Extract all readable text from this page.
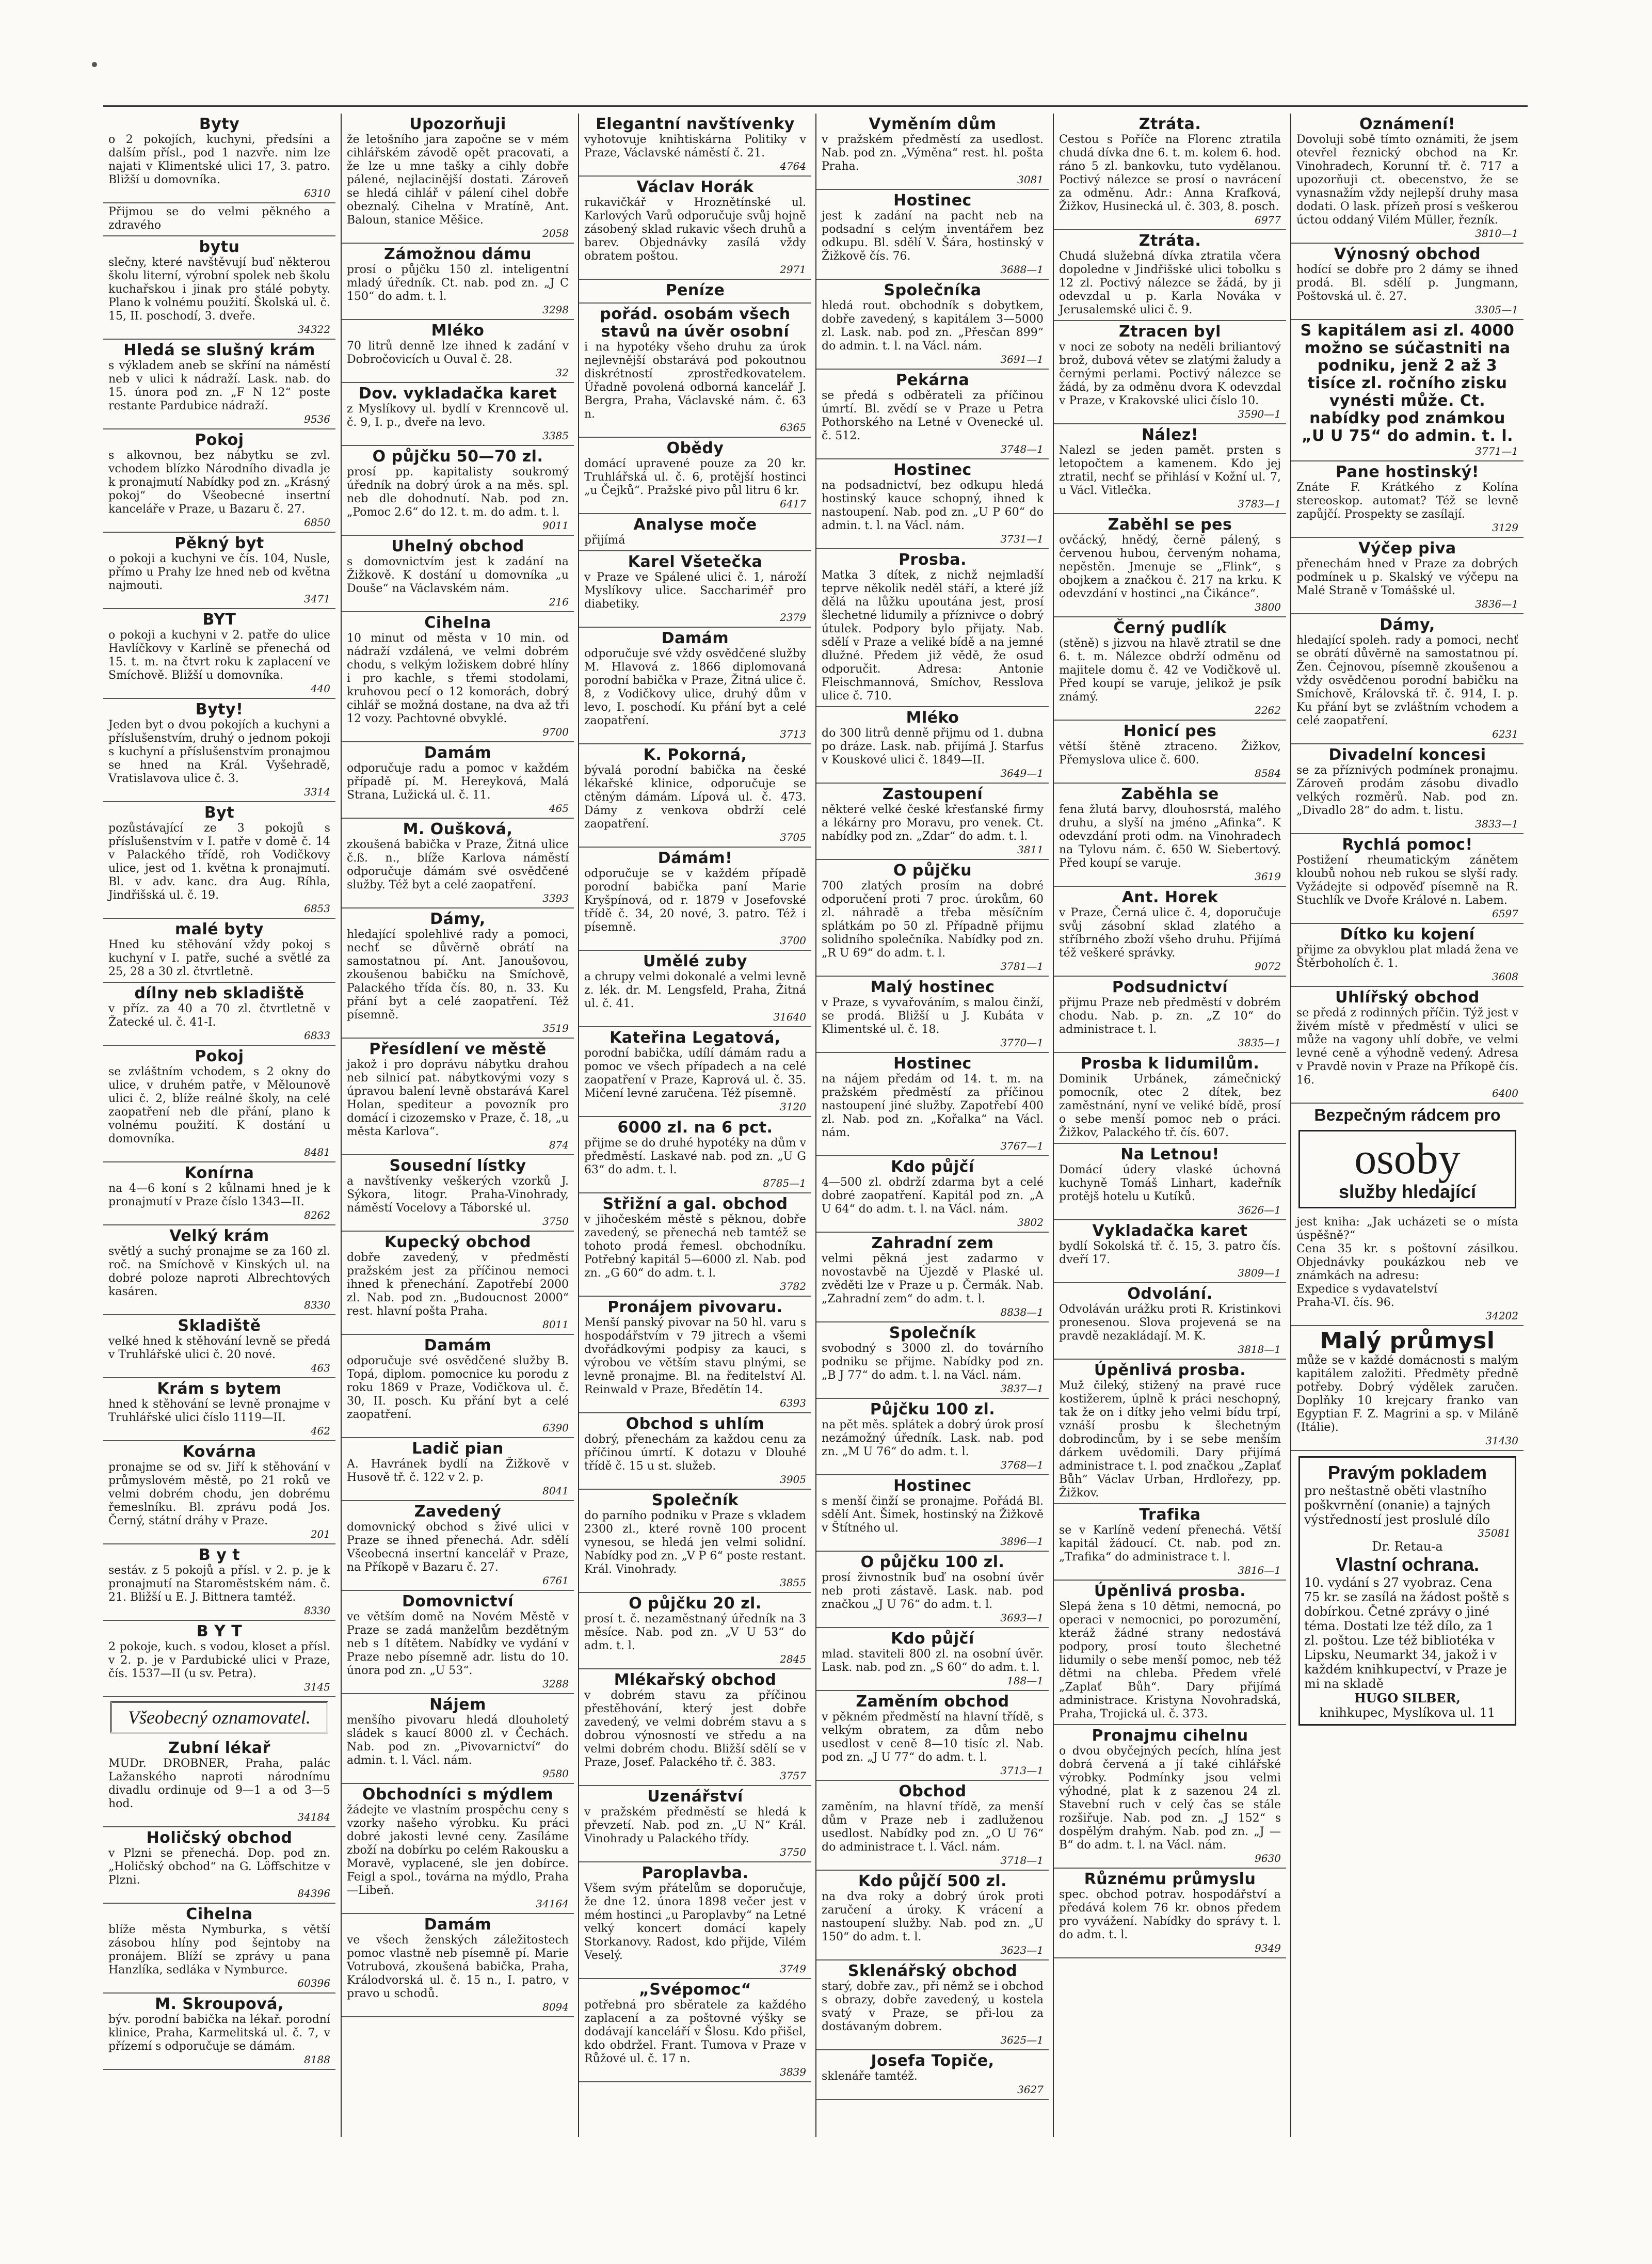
Byty

o 2 pokojích, kuchyni, předsíni a dalším přísl., pod 1 nazvře. nim lze najati v Klimentské ulici 17, 3. patro. Bližší u domovníka.

6310

Přijmou se do velmi pěkného a zdravého

bytu

slečny, které navštěvují buď některou školu literní, výrobní spolek neb školu kuchařskou i jinak pro stálé pobyty. Plano k volnému použití. Školská ul. č. 15, II. poschodí, 3. dveře.

34322
Hledá se slušný krám

s výkladem aneb se skříní na náměstí neb v ulici k nádraží. Lask. nab. do 15. února pod zn. „F N 12“ poste restante Pardubice nádraží.

9536
Pokoj

s alkovnou, bez nábytku se zvl. vchodem blízko Národního divadla je k pronajmutí Nabídky pod zn. „Krásný pokoj“ do Všeobecné insertní kanceláře v Praze, u Bazaru č. 27.

6850
Pěkný byt

o pokoji a kuchyni ve čís. 104, Nusle, přímo u Prahy lze hned neb od května najmouti.

3471
BYT

o pokoji a kuchyni v 2. patře do ulice Havlíčkovy v Karlíně se přenechá od 15. t. m. na čtvrt roku k zaplacení ve Smíchově. Bližší u domovníka.

440
Byty!

Jeden byt o dvou pokojích a kuchyni a příslušenstvím, druhý o jednom pokoji s kuchyní a příslušenstvím pronajmou se hned na Král. Vyšehradě, Vratislavova ulice č. 3.

3314
Byt

pozůstávající ze 3 pokojů s příslušenstvím v I. patře v domě č. 14 v Palackého třídě, roh Vodičkovy ulice, jest od 1. května k pronajmutí. Bl. v adv. kanc. dra Aug. Ríhla, Jindřišská ul. č. 19.

6853
malé byty

Hned ku stěhování vždy pokoj s kuchyní v I. patře, suché a světlé za 25, 28 a 30 zl. čtvrtletně.

dílny neb skladiště

v příz. za 40 a 70 zl. čtvrtletně v Žatecké ul. č. 41-I.

6833
Pokoj

se zvláštním vchodem, s 2 okny do ulice, v druhém patře, v Mělounově ulici č. 2, blíže reálné školy, na celé zaopatření neb dle přání, plano k volnému použití. K dostání u domovníka.

8481
Konírna

na 4—6 koní s 2 kůlnami hned je k pronajmutí v Praze číslo 1343—II.

8262
Velký krám

světlý a suchý pronajme se za 160 zl. roč. na Smíchově v Kinských ul. na dobré poloze naproti Albrechtových kasáren.

8330
Skladiště

velké hned k stěhování levně se předá v Truhlářské ulici č. 20 nové.

463
Krám s bytem

hned k stěhování se levně pronajme v Truhlářské ulici číslo 1119—II.

462
Kovárna

pronajme se od sv. Jiří k stěhování v průmyslovém městě, po 21 roků ve velmi dobrém chodu, jen dobrému řemeslníku. Bl. zprávu podá Jos. Černý, státní dráhy v Praze.

201
B y t

sestáv. z 5 pokojů a přísl. v 2. p. je k pronajmutí na Staroměstském nám. č. 21. Bližší u E. J. Bittnera tamtéž.

8330
B Y T

2 pokoje, kuch. s vodou, kloset a přísl. v 2. p. je v Pardubické ulici v Praze, čís. 1537—II (u sv. Petra).

3145
Všeobecný oznamovatel.
Zubní lékař

MUDr. DROBNER, Praha, palác Lažanského naproti národnímu divadlu ordinuje od 9—1 a od 3—5 hod.

34184
Holičský obchod

v Plzni se přenechá. Dop. pod zn. „Holičský obchod“ na G. Löffschitze v Plzni.

84396
Cihelna

blíže města Nymburka, s větší zásobou hlíny pod šejntoby na pronájem. Blíží se zprávy u pana Hanzlíka, sedláka v Nymburce.

60396
M. Skroupová,

býv. porodní babička na lékař. porodní klinice, Praha, Karmelitská ul. č. 7, v přízemí s odporučuje se dámám.

8188
Upozorňuji

že letošního jara započne se v mém cihlářském závodě opět pracovati, a že lze u mne tašky a cihly dobře pálené, nejlacinější dostati. Zároveň se hledá cihlář v pálení cihel dobře obeznalý. Cihelna v Mratíně, Ant. Baloun, stanice Měšice.

2058
Zámožnou dámu

prosí o půjčku 150 zl. inteligentní mladý úředník. Ct. nab. pod zn. „J C 150“ do adm. t. l.

3298
Mléko

70 litrů denně lze ihned k zadání v Dobročovicích u Ouval č. 28.

32
Dov. vykladačka karet

z Myslíkovy ul. bydlí v Krenncově ul. č. 9, I. p., dveře na levo.

3385
O půjčku 50—70 zl.

prosí pp. kapitalisty soukromý úředník na dobrý úrok a na měs. spl. neb dle dohodnutí. Nab. pod zn. „Pomoc 2.6“ do 12. t. m. do adm. t. l.

9011
Uhelný obchod

s domovnictvím jest k zadání na Žižkově. K dostání u domovníka „u Douše“ na Václavském nám.

216
Cihelna

10 minut od města v 10 min. od nádraží vzdálená, ve velmi dobrém chodu, s velkým ložiskem dobré hlíny i pro kachle, s třemi stodolami, kruhovou pecí o 12 komorách, dobrý cihlář se možná dostane, na dva až tři 12 vozy. Pachtovné obvyklé.

9700
Damám

odporučuje radu a pomoc v každém případě pí. M. Hereyková, Malá Strana, Lužická ul. č. 11.

465
M. Oušková,

zkoušená babička v Praze, Žitná ulice č.ß. n., blíže Karlova náměstí odporučuje dámám své osvědčené služby. Též byt a celé zaopatření.

3393
Dámy,

hledající spolehlivé rady a pomoci, nechť se důvěrně obrátí na samostatnou pí. Ant. Janoušovou, zkoušenou babičku na Smíchově, Palackého třída čís. 80, n. 33. Ku přání byt a celé zaopatření. Též písemně.

3519
Přesídlení ve městě

jakož i pro doprávu nábytku drahou neb silnicí pat. nábytkovými vozy s úpravou balení levně obstarává Karel Holan, spediteur a povozník pro domácí i cizozemsko v Praze, č. 18, „u města Karlova“.

874
Sousední lístky

a navštívenky veškerých vzorků J. Sýkora, litogr. Praha-Vinohrady, náměstí Vocelovy a Táborské ul.

3750
Kupecký obchod

dobře zavedený, v předměstí pražském jest za příčinou nemoci ihned k přenechání. Zapotřebí 2000 zl. Nab. pod zn. „Budoucnost 2000“ rest. hlavní pošta Praha.

8011
Damám

odporučuje své osvědčené služby B. Topá, diplom. pomocnice ku porodu z roku 1869 v Praze, Vodičkova ul. č. 30, II. posch. Ku přání byt a celé zaopatření.

6390
Ladič pian

A. Havránek bydlí na Žižkově v Husově tř. č. 122 v 2. p.

8041
Zavedený

domovnický obchod s živé ulici v Praze se ihned přenechá. Adr. sdělí Všeobecná insertní kancelář v Praze, na Příkopě v Bazaru č. 27.

6761
Domovnictví

ve větším domě na Novém Městě v Praze se zadá manželům bezdětným neb s 1 dítětem. Nabídky ve vydání v Praze nebo písemně adr. listu do 10. února pod zn. „U 53“.

3288
Nájem

menšího pivovaru hledá dlouholetý sládek s kaucí 8000 zl. v Čechách. Nab. pod zn. „Pivovarnictví“ do admin. t. l. Václ. nám.

9580
Obchodníci s mýdlem

žádejte ve vlastním prospěchu ceny s vzorky našeho výrobku. Ku práci dobré jakosti levné ceny. Zasíláme zboží na dobírku po celém Rakousku a Moravě, vyplacené, sle jen dobírce. Feigl a spol., továrna na mýdlo, Praha—Libeň.

34164
Damám

ve všech ženských záležitostech pomoc vlastně neb písemně pí. Marie Votrubová, zkoušená babička, Praha, Králodvorská ul. č. 15 n., I. patro, v pravo u schodů.

8094
Elegantní navštívenky

vyhotovuje knihtiskárna Politiky v Praze, Václavské náměstí č. 21.

4764
Václav Horák

rukavičkář v Hroznětínské ul. Karlových Varů odporučuje svůj hojně zásobený sklad rukavic všech druhů a barev. Objednávky zasílá vždy obratem poštou.

2971
Peníze

pořád. osobám všech stavů na úvěr osobní

i na hypotéky všeho druhu za úrok nejlevnější obstarává pod pokoutnou diskrétností zprostředkovatelem. Úřadně povolená odborná kancelář J. Bergra, Praha, Václavské nám. č. 63 n.

6365
Obědy

domácí upravené pouze za 20 kr. Truhlářská ul. č. 6, protější hostinci „u Čejků“. Pražské pivo půl litru 6 kr.

6417
Analyse moče

přijímá

Karel Všetečka

v Praze ve Spálené ulici č. 1, nároží Myslíkovy ulice. Sacchariméř pro diabetiky.

2379
Damám

odporučuje své vždy osvědčené služby M. Hlavová z. 1866 diplomovaná porodní babička v Praze, Žitná ulice č. 8, z Vodičkovy ulice, druhý dům v levo, I. poschodí. Ku přání byt a celé zaopatření.

3713
K. Pokorná,

bývalá porodní babička na české lékařské klinice, odporučuje se ctěným dámám. Lípová ul. č. 473. Dámy z venkova obdrží celé zaopatření.

3705
Dámám!

odporučuje se v každém případě porodní babička paní Marie Kryšpínová, od r. 1879 v Josefovské třídě č. 34, 20 nové, 3. patro. Též i písemně.

3700
Umělé zuby

a chrupy velmi dokonalé a velmi levně z. lék. dr. M. Lengsfeld, Praha, Žitná ul. č. 41.

31640
Kateřina Legatová,

porodní babička, udílí dámám radu a pomoc ve všech případech a na celé zaopatření v Praze, Kaprová ul. č. 35. Mičení levné zaručena. Též písemně.

3120
6000 zl. na 6 pct.

přijme se do druhé hypotéky na dům v předměstí. Laskavé nab. pod zn. „U G 63“ do adm. t. l.

8785—1
Střižní a gal. obchod

v jihočeském městě s pěknou, dobře zavedený, se přenechá neb tamtéž se tohoto prodá řemesl. obchodníku. Potřebný kapitál 5—6000 zl. Nab. pod zn. „G 60“ do adm. t. l.

3782
Pronájem pivovaru.

Menší panský pivovar na 50 hl. varu s hospodářstvím v 79 jitrech a všemi dvořádkovými podpisy za kauci, s výrobou ve větším stavu plnými, se levně pronajme. Bl. na ředitelství Al. Reinwald v Praze, Bředětín 14.

6393
Obchod s uhlím

dobrý, přenechám za každou cenu za příčinou úmrtí. K dotazu v Dlouhé třídě č. 15 u st. služeb.

3905
Společník

do parního podniku v Praze s vkladem 2300 zl., které rovně 100 procent vynesou, se hledá jen velmi solidní. Nabídky pod zn. „V P 6“ poste restant. Král. Vinohrady.

3855
O půjčku 20 zl.

prosí t. č. nezaměstnaný úředník na 3 měsíce. Nab. pod zn. „V U 53“ do adm. t. l.

2845
Mlékařský obchod

v dobrém stavu za příčinou přestěhování, který jest dobře zavedený, ve velmi dobrém stavu a s dobrou výnosností ve středu a na velmi dobrém chodu. Bližší sdělí se v Praze, Josef. Palackého tř. č. 383.

3757
Uzenářství

v pražském předměstí se hledá k převzetí. Nab. pod zn. „U N“ Král. Vinohrady u Palackého třídy.

3750
Paroplavba.

Všem svým přátelům se doporučuje, že dne 12. února 1898 večer jest v mém hostinci „u Paroplavby“ na Letné velký koncert domácí kapely Storkanovy. Radost, kdo přijde, Vilém Veselý.

3749
„Svépomoc“

potřebná pro sběratele za každého zaplacení a za poštovné výšky se dodávají kanceláří v Šlosu. Kdo přišel, kdo obdržel. Frant. Tumova v Praze v Růžové ul. č. 17 n.

3839
Vyměním dům

v pražském předměstí za usedlost. Nab. pod zn. „Výměna“ rest. hl. pošta Praha.

3081
Hostinec

jest k zadání na pacht neb na podsadní s celým inventářem bez odkupu. Bl. sdělí V. Šára, hostinský v Žižkově čís. 76.

3688—1
Společníka

hledá rout. obchodník s dobytkem, dobře zavedený, s kapitálem 3—5000 zl. Lask. nab. pod zn. „Přesčan 899“ do admin. t. l. na Václ. nám.

3691—1
Pekárna

se předá s odběrateli za příčinou úmrtí. Bl. zvědí se v Praze u Petra Pothorského na Letné v Ovenecké ul. č. 512.

3748—1
Hostinec

na podsadnictví, bez odkupu hledá hostinský kauce schopný, ihned k nastoupení. Nab. pod zn. „U P 60“ do admin. t. l. na Václ. nám.

3731—1
Prosba.

Matka 3 dítek, z nichž nejmladší teprve několik neděl stáří, a které jíž dělá na lůžku upoutána jest, prosí šlechetné lidumily a příznivce o dobrý útulek. Podpory bylo přijaty. Nab. sdělí v Praze a veliké bídě a na jemné dlužné. Předem již vědě, že osud odporučit. Adresa: Antonie Fleischmannová, Smíchov, Resslova ulice č. 710.

Mléko

do 300 litrů denně přijmu od 1. dubna po dráze. Lask. nab. přijímá J. Starfus v Kouskové ulici č. 1849—II.

3649—1
Zastoupení

některé velké české křesťanské firmy a lékárny pro Moravu, pro venek. Ct. nabídky pod zn. „Zdar“ do adm. t. l.

3811
O půjčku

700 zlatých prosím na dobré odporučení proti 7 proc. úrokům, 60 zl. náhradě a třeba měsíčním splátkám po 50 zl. Případně přijmu solidního společníka. Nabídky pod zn. „R U 69“ do adm. t. l.

3781—1
Malý hostinec

v Praze, s vyvařováním, s malou činží, se prodá. Bližší u J. Kubáta v Klimentské ul. č. 18.

3770—1
Hostinec

na nájem předám od 14. t. m. na pražském předměstí za příčinou nastoupení jiné služby. Zapotřebí 400 zl. Nab. pod zn. „Kořalka“ na Václ. nám.

3767—1
Kdo půjčí

4—500 zl. obdrží zdarma byt a celé dobré zaopatření. Kapitál pod zn. „A U 64“ do adm. t. l. na Václ. nám.

3802
Zahradní zem

velmi pěkná jest zadarmo v novostavbě na Újezdě v Plaské ul. zvěděti lze v Praze u p. Čermák. Nab. „Zahradní zem“ do adm. t. l.

8838—1
Společník

svobodný s 3000 zl. do továrního podniku se přijme. Nabídky pod zn. „B J 77“ do adm. t. l. na Václ. nám.

3837—1
Půjčku 100 zl.

na pět měs. splátek a dobrý úrok prosí nezámožný úředník. Lask. nab. pod zn. „M U 76“ do adm. t. l.

3768—1
Hostinec

s menší činží se pronajme. Pořádá Bl. sdělí Ant. Šimek, hostinský na Žižkově v Štítného ul.

3896—1
O půjčku 100 zl.

prosí živnostník buď na osobní úvěr neb proti zástavě. Lask. nab. pod značkou „J U 76“ do adm. t. l.

3693—1
Kdo půjčí

mlad. staviteli 800 zl. na osobní úvěr. Lask. nab. pod zn. „S 60“ do adm. t. l.

188—1
Zaměním obchod

v pěkném předměstí na hlavní třídě, s velkým obratem, za dům nebo usedlost v ceně 8—10 tisíc zl. Nab. pod zn. „J U 77“ do adm. t. l.

3713—1
Obchod

zaměním, na hlavní třídě, za menší dům v Praze neb i zadluženou usedlost. Nabídky pod zn. „O U 76“ do administrace t. l. Václ. nám.

3718—1
Kdo půjčí 500 zl.

na dva roky a dobrý úrok proti zaručení a úroky. K vrácení a nastoupení služby. Nab. pod zn. „U 150“ do adm. t. l.

3623—1
Sklenářský obchod

starý, dobře zav., při němž se i obchod s obrazy, dobře zavedený, u kostela svatý v Praze, se při-lou za dostávaným dobrem.

3625—1
Josefa Topiče,

sklenáře tamtéž.

3627
Ztráta.

Cestou s Poříče na Florenc ztratila chudá dívka dne 6. t. m. kolem 6. hod. ráno 5 zl. bankovku, tuto vydělanou. Poctivý nálezce se prosí o navrácení za odměnu. Adr.: Anna Krafková, Žižkov, Husinecká ul. č. 303, 8. posch.

6977
Ztráta.

Chudá služebná dívka ztratila včera dopoledne v Jindřišské ulici tobolku s 12 zl. Poctivý nálezce se žádá, by ji odevzdal u p. Karla Nováka v Jerusalemské ulici č. 9.

Ztracen byl

v noci ze soboty na neděli briliantový brož, dubová větev se zlatými žaludy a černými perlami. Poctivý nálezce se žádá, by za odměnu dvora K odevzdal v Praze, v Krakovské ulici číslo 10.

3590—1
Nález!

Nalezl se jeden pamět. prsten s letopočtem a kamenem. Kdo jej ztratil, nechť se přihlásí v Kožní ul. 7, u Václ. Vitlečka.

3783—1
Zaběhl se pes

ovčácký, hnědý, černě pálený, s červenou hubou, červeným nohama, nepěstěn. Jmenuje se „Flink“, s obojkem a značkou č. 217 na krku. K odevzdání v hostinci „na Čikánce“.

3800
Černý pudlík

(stěně) s jizvou na hlavě ztratil se dne 6. t. m. Nálezce obdrží odměnu od majitele domu č. 42 ve Vodičkově ul. Před koupí se varuje, jelikož je psík známý.

2262
Honicí pes

větší štěně ztraceno. Žižkov, Přemyslova ulice č. 600.

8584
Zaběhla se

fena žlutá barvy, dlouhosrstá, malého druhu, a slyší na jméno „Afinka“. K odevzdání proti odm. na Vinohradech na Tylovu nám. č. 650 W. Siebertový. Před koupí se varuje.

3619
Ant. Horek

v Praze, Černá ulice č. 4, doporučuje svůj zásobní sklad zlatého a stříbrného zboží všeho druhu. Přijímá též veškeré správky.

9072
Podsudnictví

přijmu Praze neb předměstí v dobrém chodu. Nab. p. zn. „Z 10“ do administrace t. l.

3835—1
Prosba k lidumilům.

Dominik Urbánek, zámečnický pomocník, otec 2 dítek, bez zaměstnání, nyní ve veliké bídě, prosí o sebe menší pomoc neb o práci. Žižkov, Palackého tř. čís. 607.

Na Letnou!

Domácí údery vlaské úchovná kuchyně Tomáš Linhart, kadeřník protějš hotelu u Kutíků.

3626—1
Vykladačka karet

bydlí Sokolská tř. č. 15, 3. patro čís. dveří 17.

3809—1
Odvolání.

Odvoláván urážku proti R. Kristinkovi pronesenou. Slova projevená se na pravdě nezakládají. M. K.

3818—1
Úpěnlivá prosba.

Muž čileký, stižený na pravé ruce kostižerem, úplně k práci neschopný, tak že on i dítky jeho velmi bídu trpí, vznáší prosbu k šlechetným dobrodincům, by i se sebe menším dárkem uvědomili. Dary přijímá administrace t. l. pod značkou „Zaplať Bůh“ Václav Urban, Hrdlořezy, pp. Žižkov.

Trafika

se v Karlíně vedení přenechá. Větší kapitál žádoucí. Ct. nab. pod zn. „Trafika“ do administrace t. l.

3816—1
Úpěnlivá prosba.

Slepá žena s 10 dětmi, nemocná, po operaci v nemocnici, po porozumění, kteráž žádné strany nedostává podpory, prosí touto šlechetné lidumily o sebe menší pomoc, neb též dětmi na chleba. Předem vřelé „Zaplať Bůh“. Dary přijímá administrace. Kristyna Novohradská, Praha, Trojická ul. č. 373.

Pronajmu cihelnu

o dvou obyčejných pecích, hlína jest dobrá červená a jí také cihlářské výrobky. Podmínky jsou velmi výhodné, plat k z sazenou 24 zl. Stavební ruch v celý čas se stále rozšiřuje. Nab. pod zn. „J 152“ s dospělým drahým. Nab. pod zn. „J — B“ do adm. t. l. na Václ. nám.

9630
Různému průmyslu

spec. obchod potrav. hospodářství a předává kolem 76 kr. obnos předem pro vyvážení. Nabídky do správy t. l. do adm. t. l.

9349
Oznámení!

Dovoluji sobě tímto oznámiti, že jsem otevřel řeznický obchod na Kr. Vinohradech, Korunní tř. č. 717 a upozorňuji ct. obecenstvo, že se vynasnažím vždy nejlepší druhy masa dodati. O lask. přízeň prosí s veškerou úctou oddaný Vilém Müller, řezník.

3810—1
Výnosný obchod

hodící se dobře pro 2 dámy se ihned prodá. Bl. sdělí p. Jungmann, Poštovská ul. č. 27.

3305—1
S kapitálem asi zl. 4000 možno se súčastniti na podniku, jenž 2 až 3 tisíce zl. ročního zisku vynésti může. Ct. nabídky pod známkou „U U 75“ do admin. t. l.

3771—1
Pane hostinský!

Znáte F. Krátkého z Kolína stereoskop. automat? Též se levně zapůjčí. Prospekty se zasílají.

3129
Výčep piva

přenechám hned v Praze za dobrých podmínek u p. Skalský ve výčepu na Malé Straně v Tomášské ul.

3836—1
Dámy,

hledající spoleh. rady a pomoci, nechť se obrátí důvěrně na samostatnou pí. Žen. Čejnovou, písemně zkoušenou a vždy osvědčenou porodní babičku na Smíchově, Královská tř. č. 914, I. p. Ku přání byt se zvláštním vchodem a celé zaopatření.

6231
Divadelní koncesi

se za příznivých podmínek pronajmu. Zároveň prodám zásobu divadlo velkých rozměrů. Nab. pod zn. „Divadlo 28“ do adm. t. listu.

3833—1
Rychlá pomoc!

Postižení rheumatickým zánětem kloubů nohou neb rukou se slyší rady. Vyžádejte si odpověď písemně na R. Stuchlík ve Dvoře Králové n. Labem.

6597
Dítko ku kojení

přijme za obvyklou plat mladá žena ve Štěrboholích č. 1.

3608
Uhlířský obchod

se předá z rodinných příčin. Týž jest v živém místě v předměstí v ulici se může na vagony uhlí dobře, ve velmi levné ceně a výhodně vedený. Adresa v Pravdě novin v Praze na Příkopě čís. 16.

6400
Bezpečným rádcem pro
osoby
služby hledající

jest kniha: „Jak ucházeti se o místa úspěšně?“

Cena 35 kr. s poštovní zásilkou. Objednávky poukázkou neb ve známkách na adresu:

Expedice s vydavatelství

Praha-VI. čís. 96.

34202
Malý průmysl

může se v každé domácnosti s malým kapitálem založiti. Předměty předně potřeby. Dobrý výdělek zaručen. Doplňky 10 krejcary franko van Egyptian F. Z. Magrini a sp. v Miláně (Itálie).

31430
Pravým pokladem
pro neštastně oběti vlastního poškvrnění (onanie) a tajných výstředností jest proslulé dílo
35081
Dr. Retau-a
Vlastní ochrana.
10. vydání s 27 vyobraz. Cena 75 kr. se zasílá na žádost poště s dobírkou. Četné zprávy o jiné téma. Dostati lze též dílo, za 1 zl. poštou. Lze též bibliotéka v Lipsku, Neumarkt 34, jakož i v každém knihkupectví, v Praze je mi na skladě
HUGO SILBER,
knihkupec, Myslíkova ul. 11
